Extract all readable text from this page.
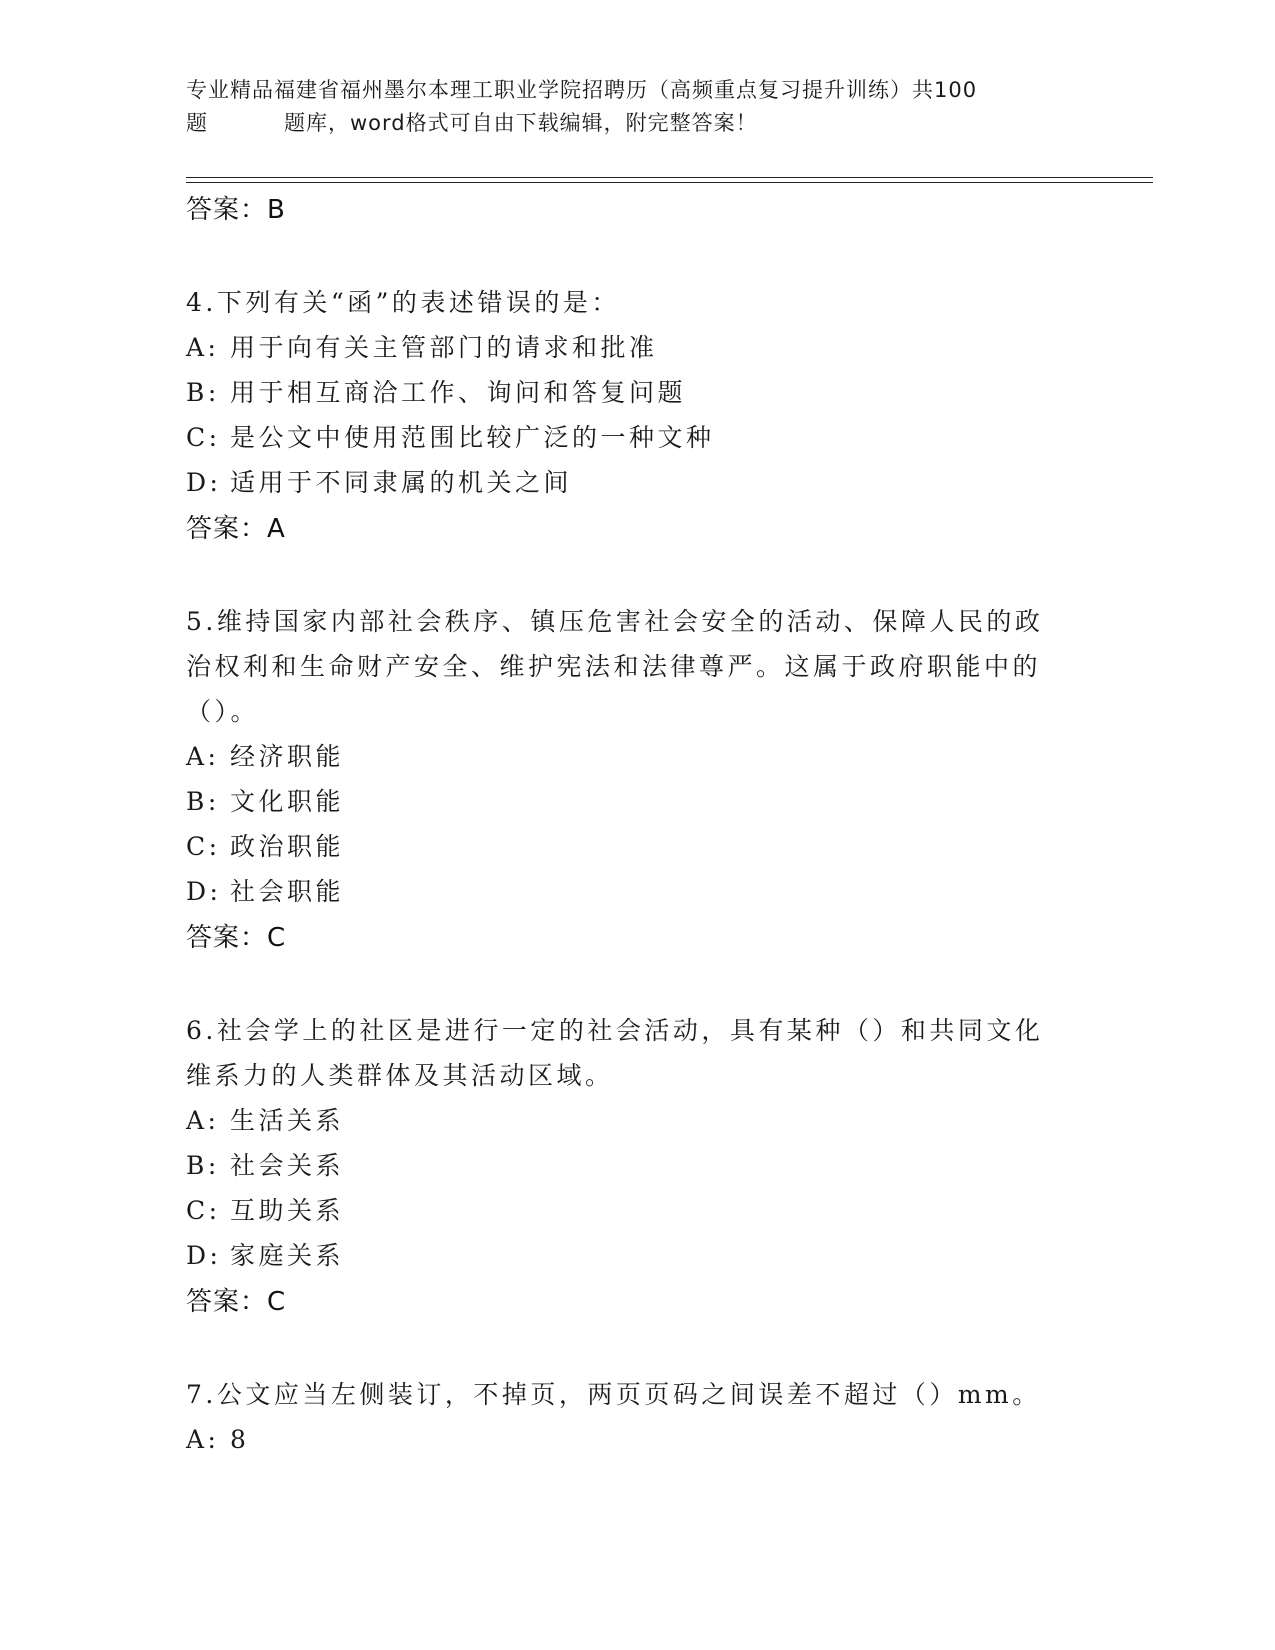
专业精品福建省福州墨尔本理工职业学院招聘历（高频重点复习提升训练）共100
题	题库，word格式可自由下载编辑，附完整答案！
答案：B
4.下列有关“函”的表述错误的是：
A: 用于向有关主管部门的请求和批准
B: 用于相互商洽工作、询问和答复问题
C: 是公文中使用范围比较广泛的一种文种
D: 适用于不同隶属的机关之间
答案：A
5.维持国家内部社会秩序、镇压危害社会安全的活动、保障人民的政
治权利和生命财产安全、维护宪法和法律尊严。这属于政府职能中的
（）。
A: 经济职能
B: 文化职能
C: 政治职能
D: 社会职能
答案：C
6.社会学上的社区是进行一定的社会活动，具有某种（）和共同文化
维系力的人类群体及其活动区域。
A: 生活关系
B: 社会关系
C: 互助关系
D: 家庭关系
答案：C
7.公文应当左侧装订，不掉页，两页页码之间误差不超过（）mm。
A: 8
